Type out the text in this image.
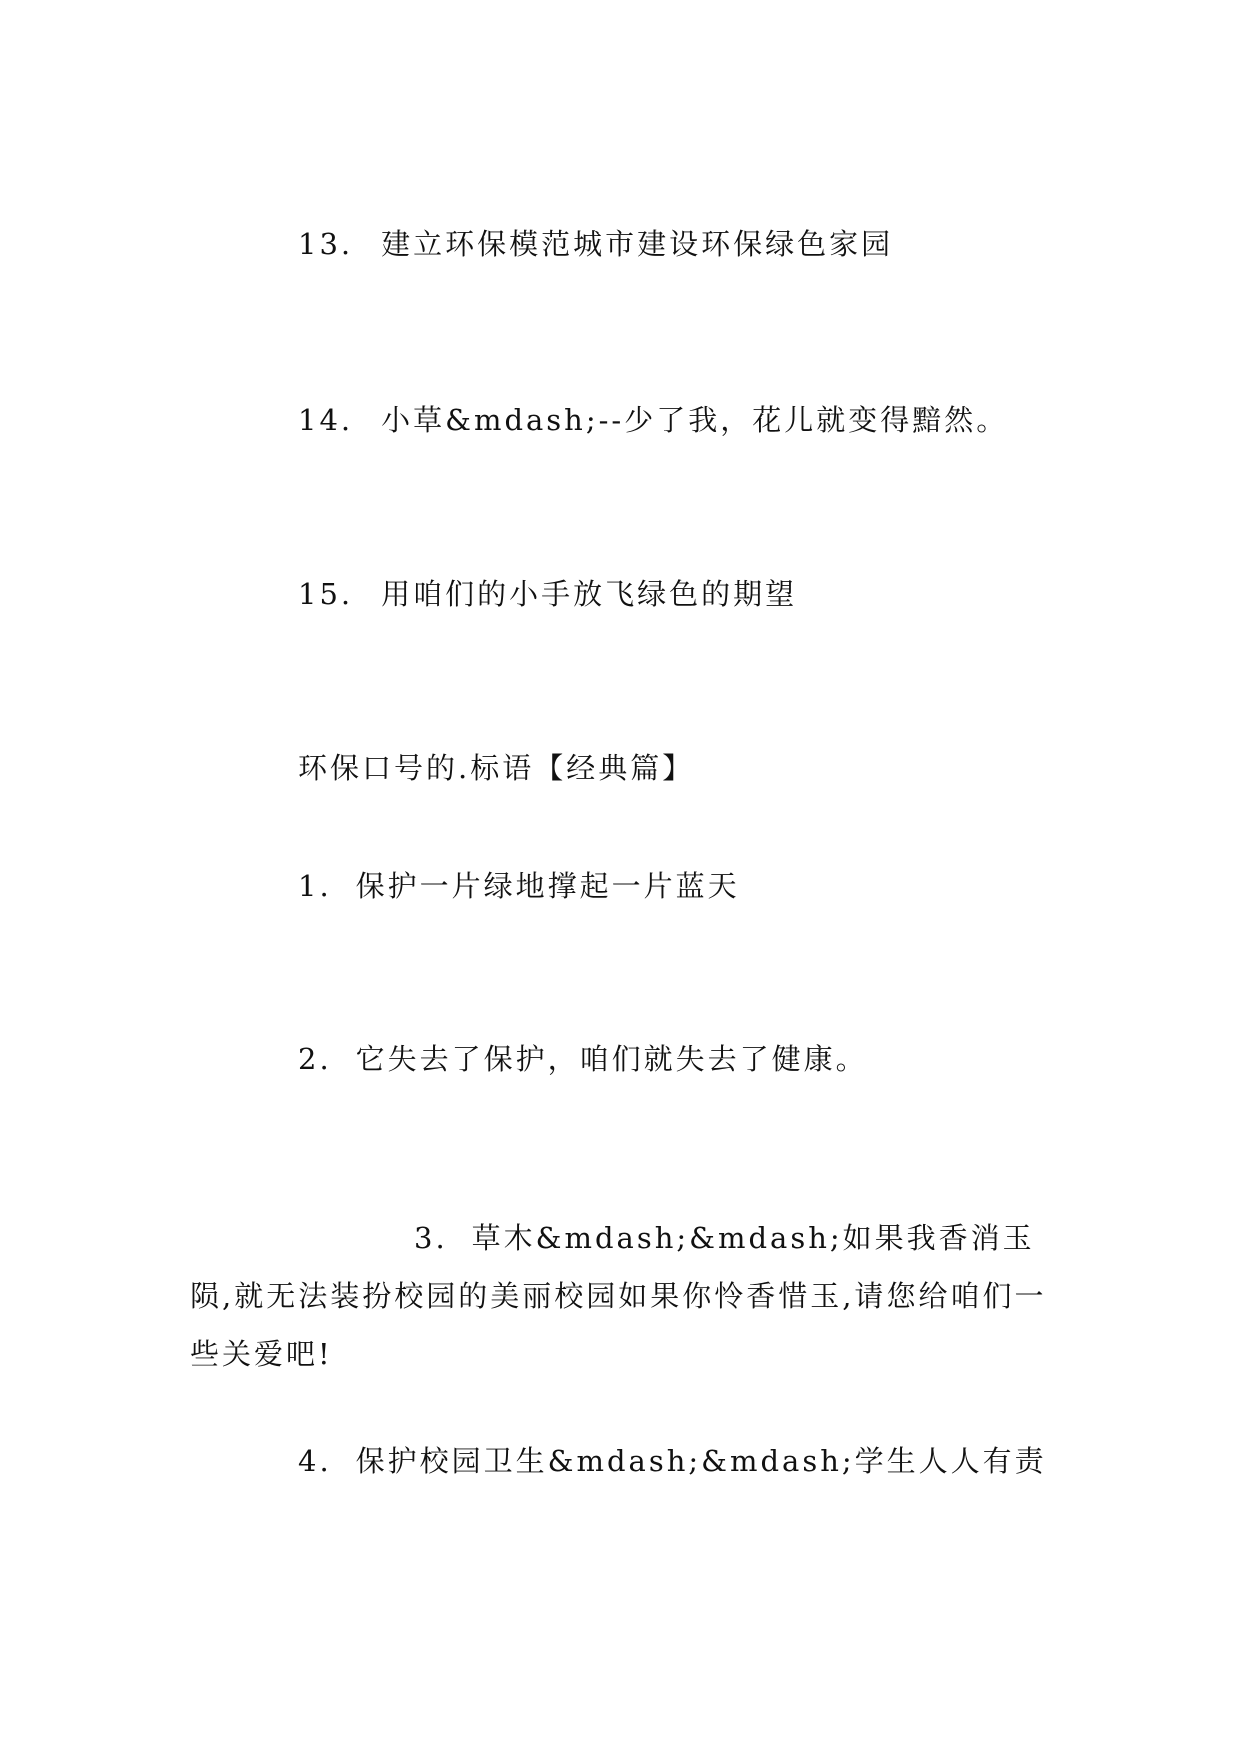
13. 建立环保模范城市建设环保绿色家园
14. 小草&mdash;--少了我，花儿就变得黯然。
15. 用咱们的小手放飞绿色的期望
环保口号的.标语【经典篇】
1. 保护一片绿地撑起一片蓝天
2. 它失去了保护，咱们就失去了健康。
3. 草木&mdash;&mdash;如果我香消玉陨,就无法装扮校园的美丽校园如果你怜香惜玉,请您给咱们一些关爱吧!
4. 保护校园卫生&mdash;&mdash;学生人人有责
